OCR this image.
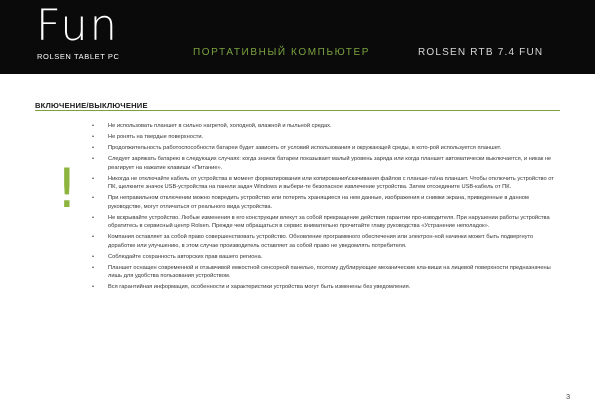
Fun
ROLSEN TABLET PC	ПОРТАТИВНЫЙ КОМПЬЮТЕР	ROLSEN RTB 7.4 FUN
ВКЛЮЧЕНИЕ/ВЫКЛЮЧЕНИЕ
!
• Не использовать планшет в сильно нагретой, холодной, влажной и пыльной средах.
• Не ронять на твердые поверхности.
• Продолжительность работоспособности батареи будет зависеть от условий использования и окружающей среды, в кото-рой используется планшет.
• Следует заряжать батарею в следующих случаях: когда значок батареи показывает малый уровень заряда или когда планшет автоматически выключается, и никак не реагирует на нажатие клавиши «Питание».
• Никогда не отключайте кабель от устройства в момент форматирования или копирования\скачивания файлов с планше-та\на планшет. Чтобы отключить устройство от ПК, щелкните значок USB-устройства на панели задач Windows и выбери-те безопасное извлечение устройства. Затем отсоедините USB-кабель от ПК.
• При неправильном отключении можно повредить устройство или потерять хранящиеся на нем данные, изображения и снимки экрана, приведенные в данном руководстве, могут отличаться от реального вида устройства.
• Не вскрывайте устройство. Любые изменения в его конструкции влекут за собой прекращение действия гарантии про-изводителя. При нарушении работы устройства обратитесь в сервисный центр Rolsen. Прежде чем обращаться в сервис внимательно прочитайте главу руководства «Устранение неполадок».
• Компания оставляет за собой право совершенствовать устройство. Обновление программного обеспечения или электрон-ной начинки может быть подвергнуто доработке или улучшению, в этом случае производитель оставляет за собой право не уведомлять потребителя.
• Соблюдайте сохранность авторских прав вашего региона.
• Планшет оснащен современной и отзывчивой емкостной сенсорной панелью, поэтому дублирующие механические кла-виши на лицевой поверхности предназначены лишь для удобства пользования устройством.
• Вся гарантийная информация, особенности и характеристики устройства могут быть изменены без уведомления.
3
